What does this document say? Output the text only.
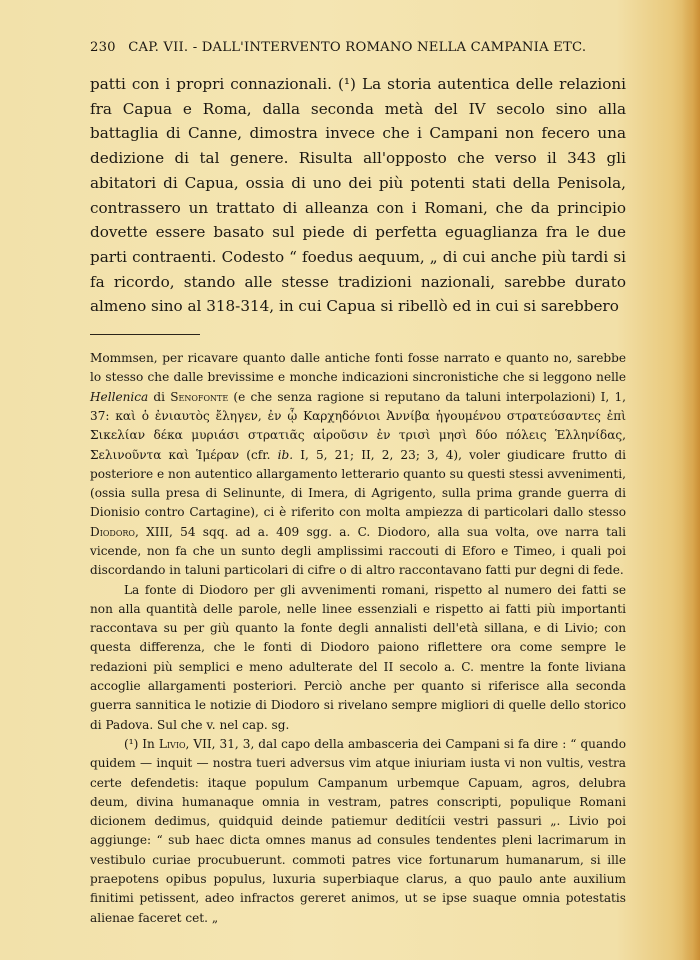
230 CAP. VII. - DALL'INTERVENTO ROMANO NELLA CAMPANIA ETC.

patti con i propri connazionali. (¹) La storia autentica delle relazioni fra Capua e Roma, dalla seconda metà del IV secolo sino alla battaglia di Canne, dimostra invece che i Campani non fecero una dedizione di tal genere. Risulta all'opposto che verso il 343 gli abitatori di Capua, ossia di uno dei più potenti stati della Penisola, contrassero un trattato di alleanza con i Romani, che da principio dovette essere basato sul piede di perfetta eguaglianza fra le due parti contraenti. Codesto “ foedus aequum, „ di cui anche più tardi si fa ricordo, stando alle stesse tradizioni nazionali, sarebbe durato almeno sino al 318-314, in cui Capua si ribellò ed in cui si sarebbero

Mommsen, per ricavare quanto dalle antiche fonti fosse narrato e quanto no, sarebbe lo stesso che dalle brevissime e monche indicazioni sincronistiche che si leggono nelle Hellenica di Senofonte (e che senza ragione si reputano da taluni interpolazioni) I, 1, 37: καὶ ὁ ἐνιαυτὸς ἔληγεν, ἐν ᾧ Καρχηδόνιοι Ἀννίβα ἡγουμένου στρατεύσαντες ἐπὶ Σικελίαν δέκα μυριάσι στρατιᾶς αἱροῦσιν ἐν τρισὶ μησὶ δύο πόλεις Ἑλληνίδας, Σελινοῦντα καὶ Ἱμέραν (cfr. ib. I, 5, 21; II, 2, 23; 3, 4), voler giudicare frutto di posteriore e non autentico allargamento letterario quanto su questi stessi avvenimenti, (ossia sulla presa di Selinunte, di Imera, di Agrigento, sulla prima grande guerra di Dionisio contro Cartagine), ci è riferito con molta ampiezza di particolari dallo stesso Diodoro, XIII, 54 sqq. ad a. 409 sgg. a. C. Diodoro, alla sua volta, ove narra tali vicende, non fa che un sunto degli amplissimi raccouti di Eforo e Timeo, i quali poi discordando in taluni particolari di cifre o di altro raccontavano fatti pur degni di fede.

La fonte di Diodoro per gli avvenimenti romani, rispetto al numero dei fatti se non alla quantità delle parole, nelle linee essenziali e rispetto ai fatti più importanti raccontava su per giù quanto la fonte degli annalisti dell'età sillana, e di Livio; con questa differenza, che le fonti di Diodoro paiono riflettere ora come sempre le redazioni più semplici e meno adulterate del II secolo a. C. mentre la fonte liviana accoglie allargamenti posteriori. Perciò anche per quanto si riferisce alla seconda guerra sannitica le notizie di Diodoro si rivelano sempre migliori di quelle dello storico di Padova. Sul che v. nel cap. sg.

(¹) In Livio, VII, 31, 3, dal capo della ambasceria dei Campani si fa dire : “ quando quidem — inquit — nostra tueri adversus vim atque iniuriam iusta vi non vultis, vestra certe defendetis: itaque populum Campanum urbemque Capuam, agros, delubra deum, divina humanaque omnia in vestram, patres conscripti, populique Romani dicionem dedimus, quidquid deinde patiemur deditícii vestri passuri „. Livio poi aggiunge: “ sub haec dicta omnes manus ad consules tendentes pleni lacrimarum in vestibulo curiae procubuerunt. commoti patres vice fortunarum humanarum, si ille praepotens opibus populus, luxuria superbiaque clarus, a quo paulo ante auxilium finitimi petissent, adeo infractos gereret animos, ut se ipse suaque omnia potestatis alienae faceret cet. „
